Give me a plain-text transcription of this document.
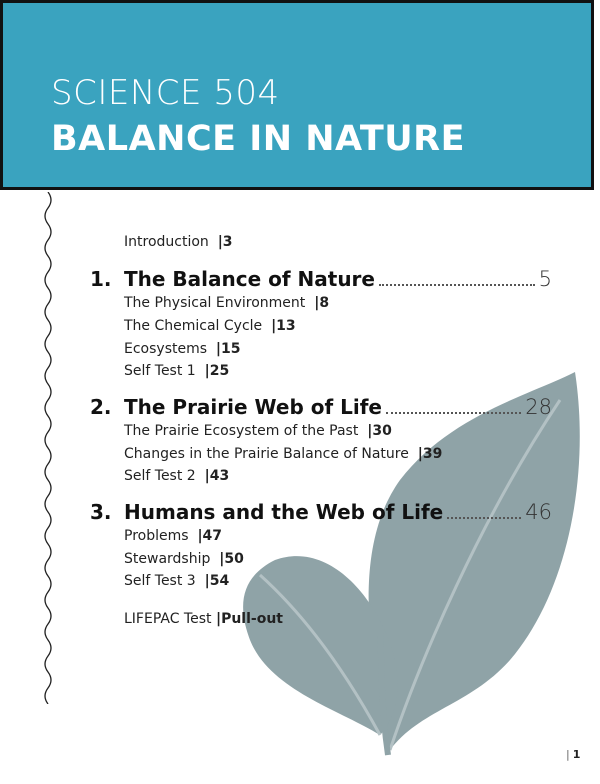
SCIENCE 504
BALANCE IN NATURE
Introduction |3
1. The Balance of Nature	5
The Physical Environment |8
The Chemical Cycle |13
Ecosystems |15
Self Test 1 |25
2. The Prairie Web of Life	28
The Prairie Ecosystem of the Past |30
Changes in the Prairie Balance of Nature |39
Self Test 2 |43
3. Humans and the Web of Life	46
Problems |47
Stewardship |50
Self Test 3 |54
LIFEPAC Test |Pull-out
| 1
